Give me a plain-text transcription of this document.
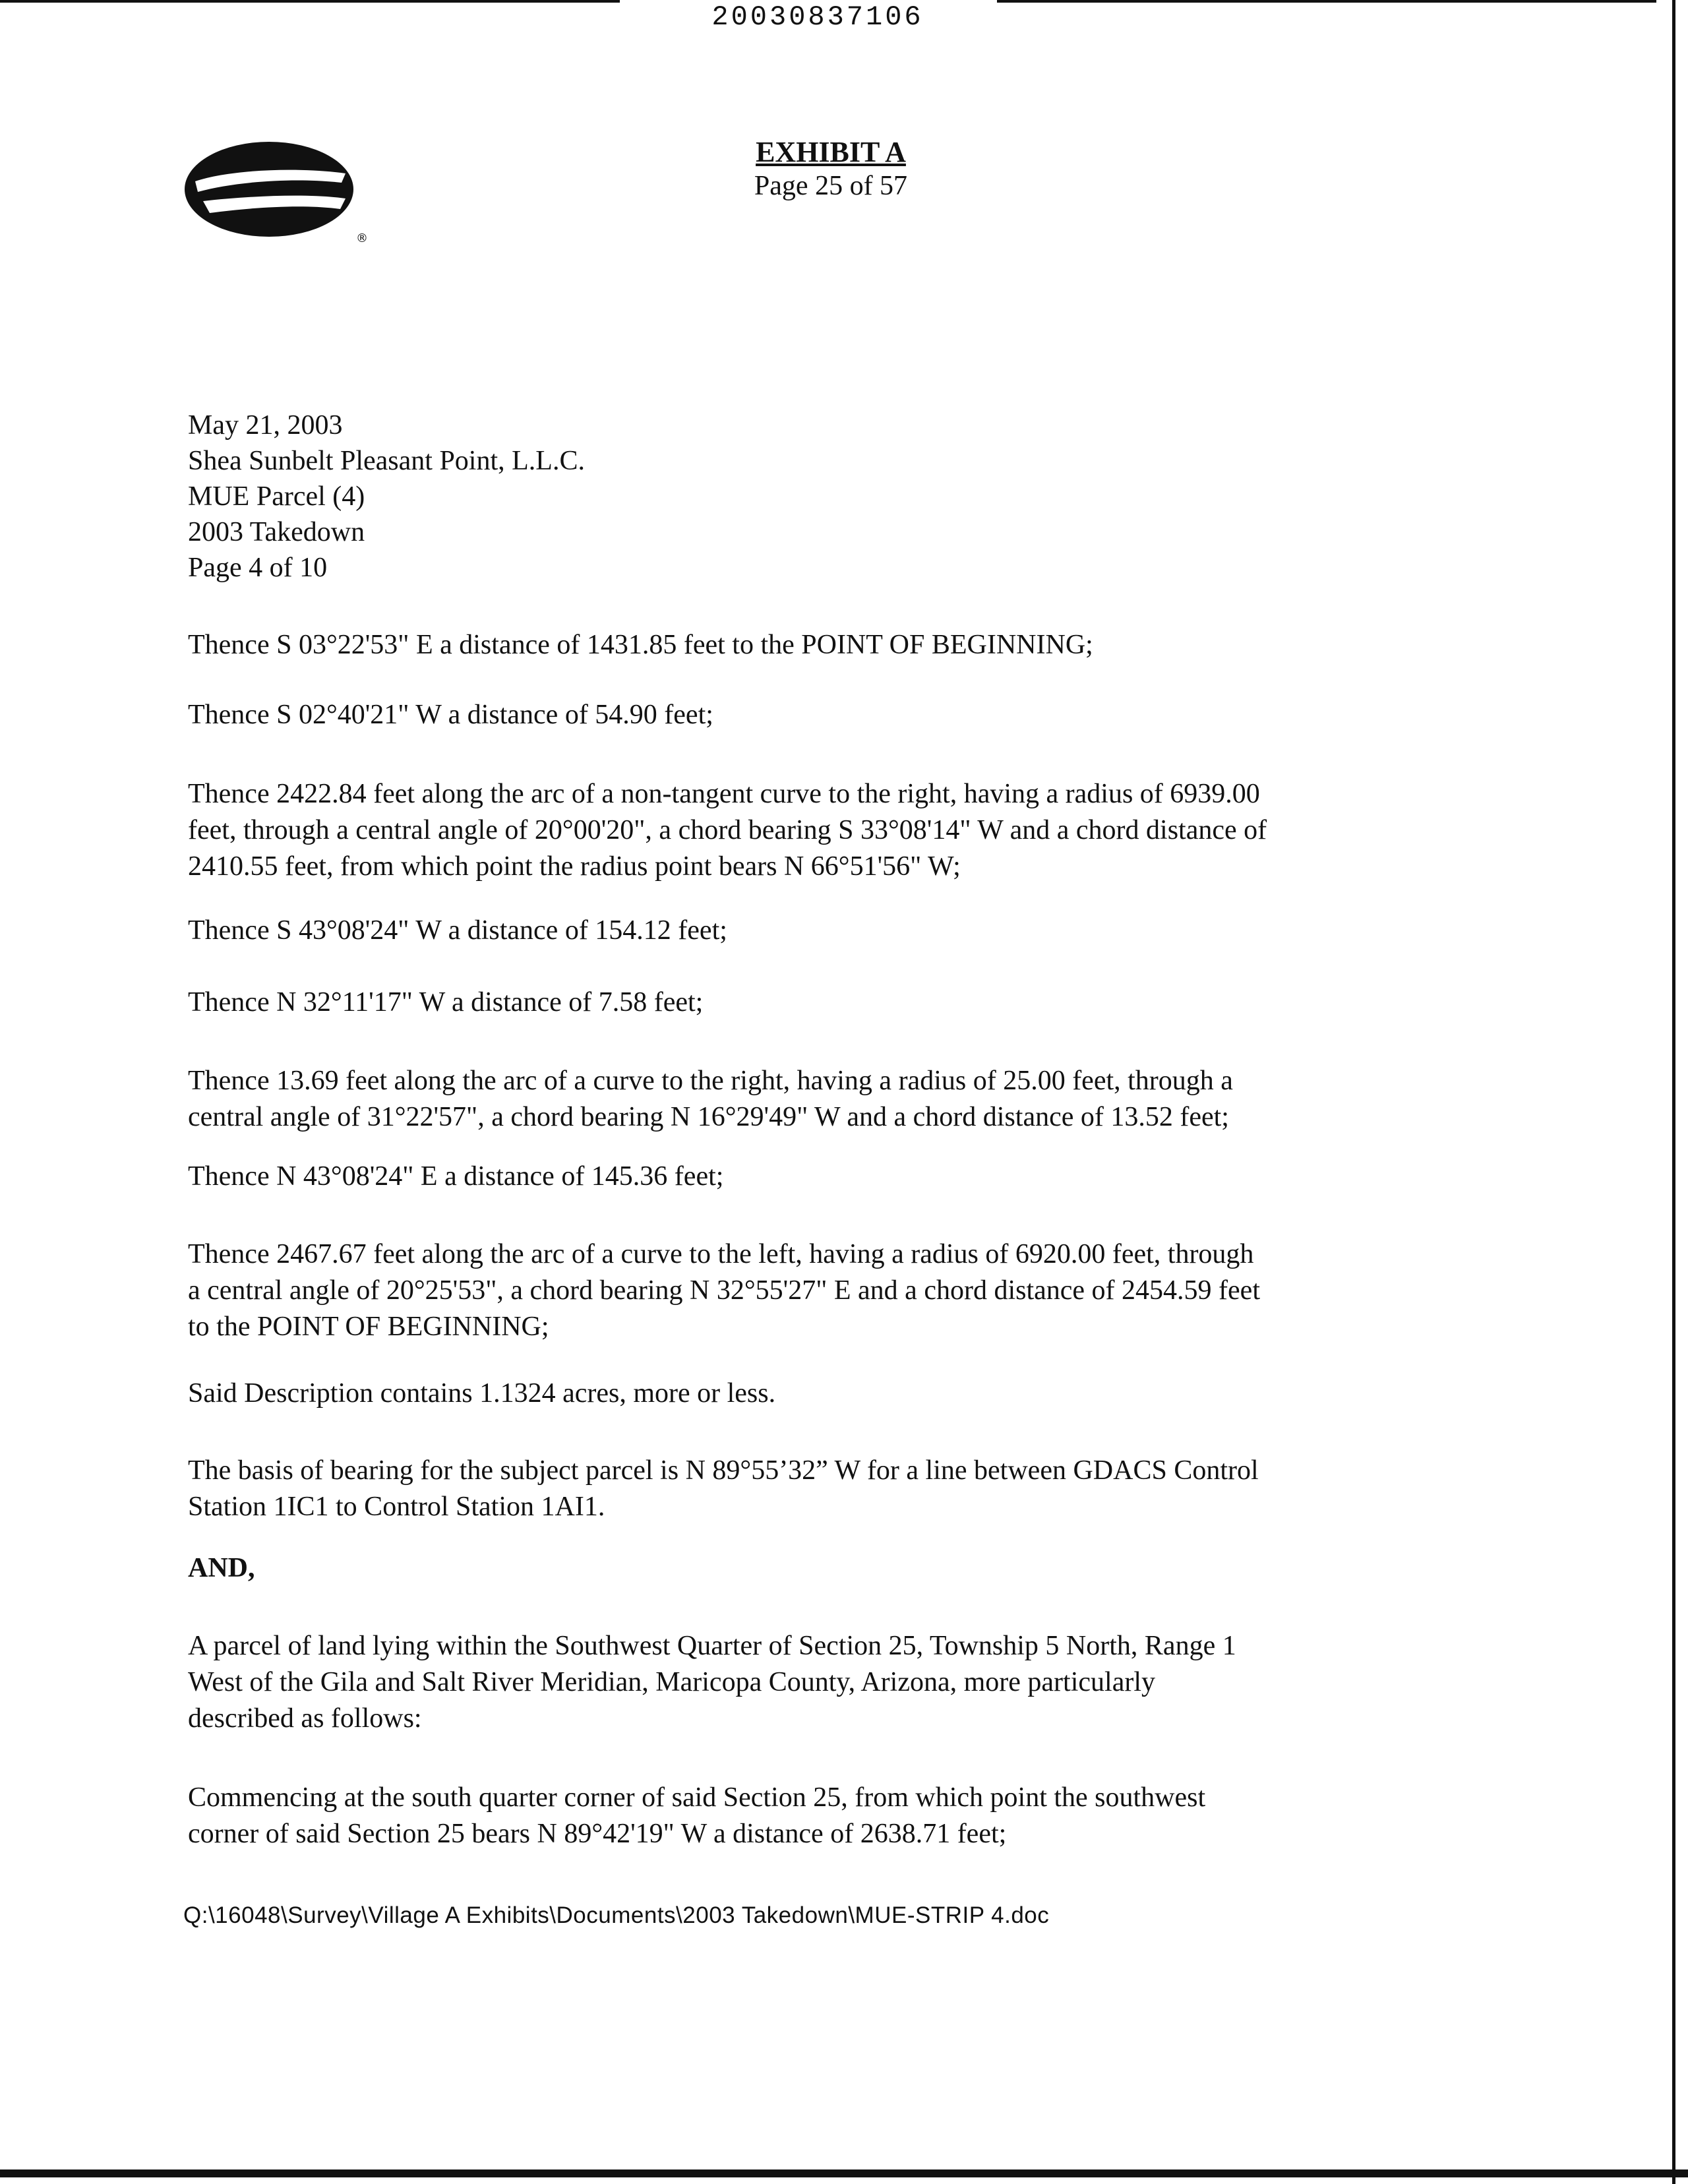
20030837106
®
EXHIBIT A
Page 25 of 57
May 21, 2003
Shea Sunbelt Pleasant Point, L.L.C.
MUE Parcel (4)
2003 Takedown
Page 4 of 10
Thence S 03°22'53" E a distance of 1431.85 feet to the POINT OF BEGINNING;
Thence S 02°40'21" W a distance of 54.90 feet;
Thence 2422.84 feet along the arc of a non-tangent curve to the right, having a radius of 6939.00
feet, through a central angle of 20°00'20", a chord bearing S 33°08'14" W and a chord distance of
2410.55 feet, from which point the radius point bears N 66°51'56" W;
Thence S 43°08'24" W a distance of 154.12 feet;
Thence N 32°11'17" W a distance of 7.58 feet;
Thence 13.69 feet along the arc of a curve to the right, having a radius of 25.00 feet, through a
central angle of 31°22'57", a chord bearing N 16°29'49" W and a chord distance of 13.52 feet;
Thence N 43°08'24" E a distance of 145.36 feet;
Thence 2467.67 feet along the arc of a curve to the left, having a radius of 6920.00 feet, through
a central angle of 20°25'53", a chord bearing N 32°55'27" E and a chord distance of 2454.59 feet
to the POINT OF BEGINNING;
Said Description contains 1.1324 acres, more or less.
The basis of bearing for the subject parcel is N 89°55’32” W for a line between GDACS Control
Station 1IC1 to Control Station 1AI1.
AND,
A parcel of land lying within the Southwest Quarter of Section 25, Township 5 North, Range 1
West of the Gila and Salt River Meridian, Maricopa County, Arizona, more particularly
described as follows:
Commencing at the south quarter corner of said Section 25, from which point the southwest
corner of said Section 25 bears N 89°42'19" W a distance of 2638.71 feet;
Q:\16048\Survey\Village A Exhibits\Documents\2003 Takedown\MUE-STRIP 4.doc
